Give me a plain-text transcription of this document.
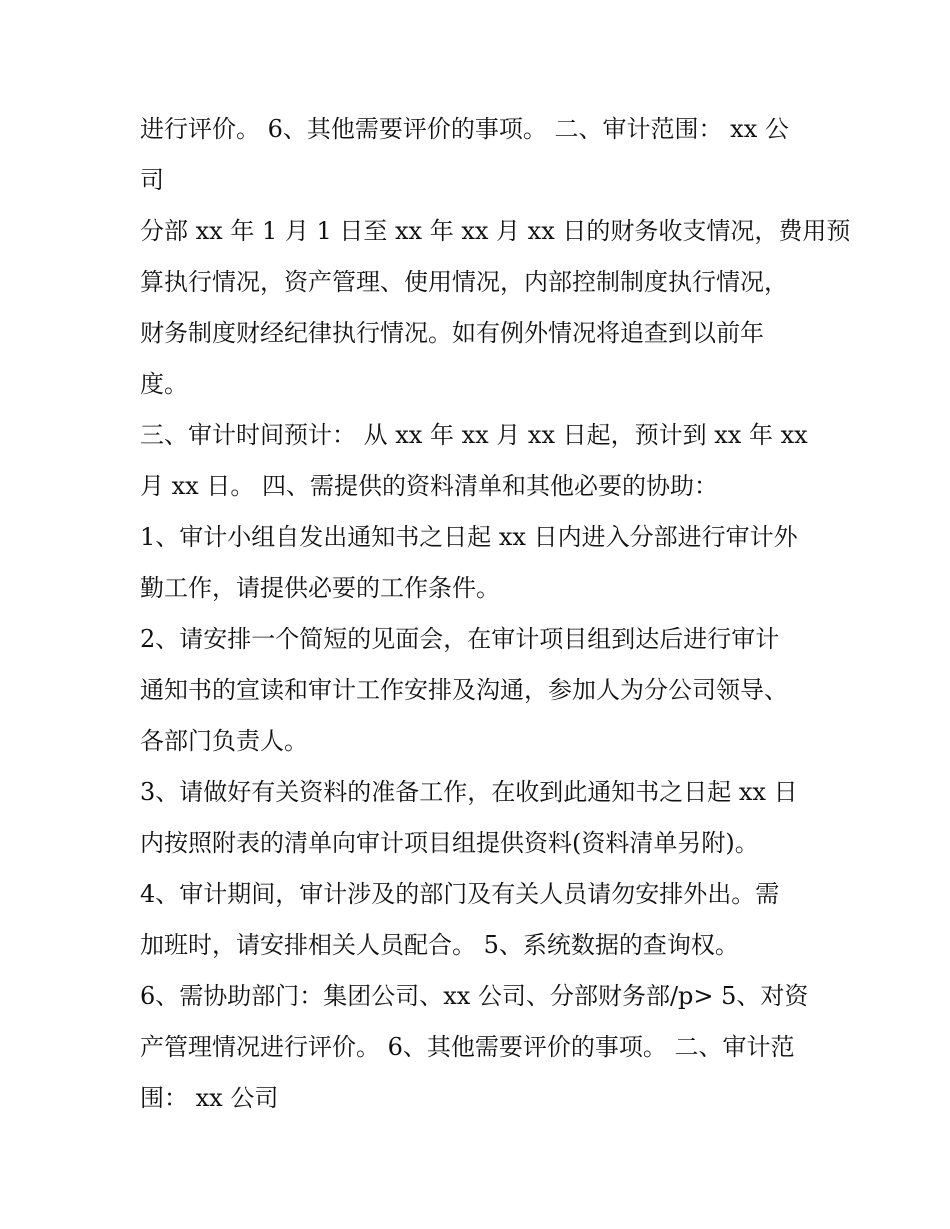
进行评价。 6、其他需要评价的事项。 二、审计范围： xx 公
司
分部 xx 年 1 月 1 日至 xx 年 xx 月 xx 日的财务收支情况，费用预
算执行情况，资产管理、使用情况，内部控制制度执行情况，
财务制度财经纪律执行情况。如有例外情况将追查到以前年
度。
三、审计时间预计： 从 xx 年 xx 月 xx 日起，预计到 xx 年 xx
月 xx 日。 四、需提供的资料清单和其他必要的协助：
1、审计小组自发出通知书之日起 xx 日内进入分部进行审计外
勤工作，请提供必要的工作条件。
2、请安排一个简短的见面会，在审计项目组到达后进行审计
通知书的宣读和审计工作安排及沟通，参加人为分公司领导、
各部门负责人。
3、请做好有关资料的准备工作，在收到此通知书之日起 xx 日
内按照附表的清单向审计项目组提供资料(资料清单另附)。
4、审计期间，审计涉及的部门及有关人员请勿安排外出。需
加班时，请安排相关人员配合。 5、系统数据的查询权。
6、需协助部门：集团公司、xx 公司、分部财务部/p> 5、对资
产管理情况进行评价。 6、其他需要评价的事项。 二、审计范
围： xx 公司
